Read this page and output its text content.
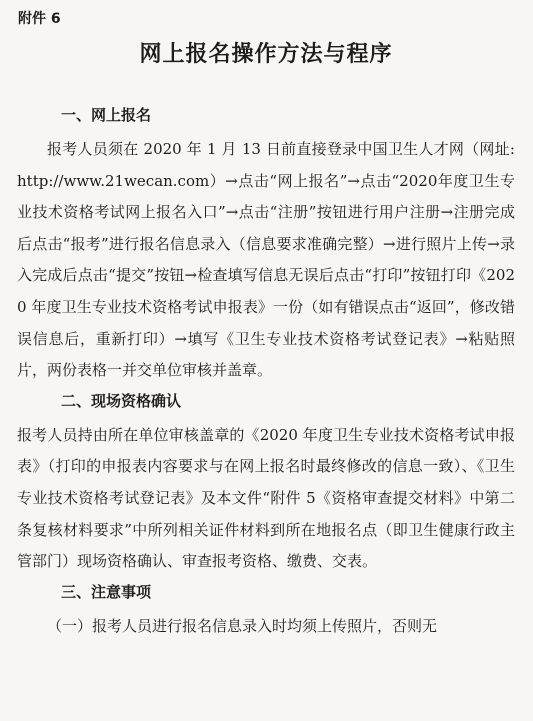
附件 6
网上报名操作方法与程序
一、网上报名

报考人员须在 2020 年 1 月 13 日前直接登录中国卫生人才网（网址: http://www.21wecan.com）→点击“网上报名”→点击“2020年度卫生专业技术资格考试网上报名入口”→点击“注册”按钮进行用户注册→注册完成后点击“报考”进行报名信息录入（信息要求准确完整）→进行照片上传→录入完成后点击“提交”按钮→检查填写信息无误后点击“打印”按钮打印《2020 年度卫生专业技术资格考试申报表》一份（如有错误点击“返回”，修改错误信息后，重新打印）→填写《卫生专业技术资格考试登记表》→粘贴照片，两份表格一并交单位审核并盖章。

二、现场资格确认

报考人员持由所在单位审核盖章的《2020 年度卫生专业技术资格考试申报表》（打印的申报表内容要求与在网上报名时最终修改的信息一致）、《卫生专业技术资格考试登记表》及本文件“附件 5《资格审查提交材料》中第二条复核材料要求”中所列相关证件材料到所在地报名点（即卫生健康行政主管部门）现场资格确认、审查报考资格、缴费、交表。

三、注意事项

（一）报考人员进行报名信息录入时均须上传照片，否则无
